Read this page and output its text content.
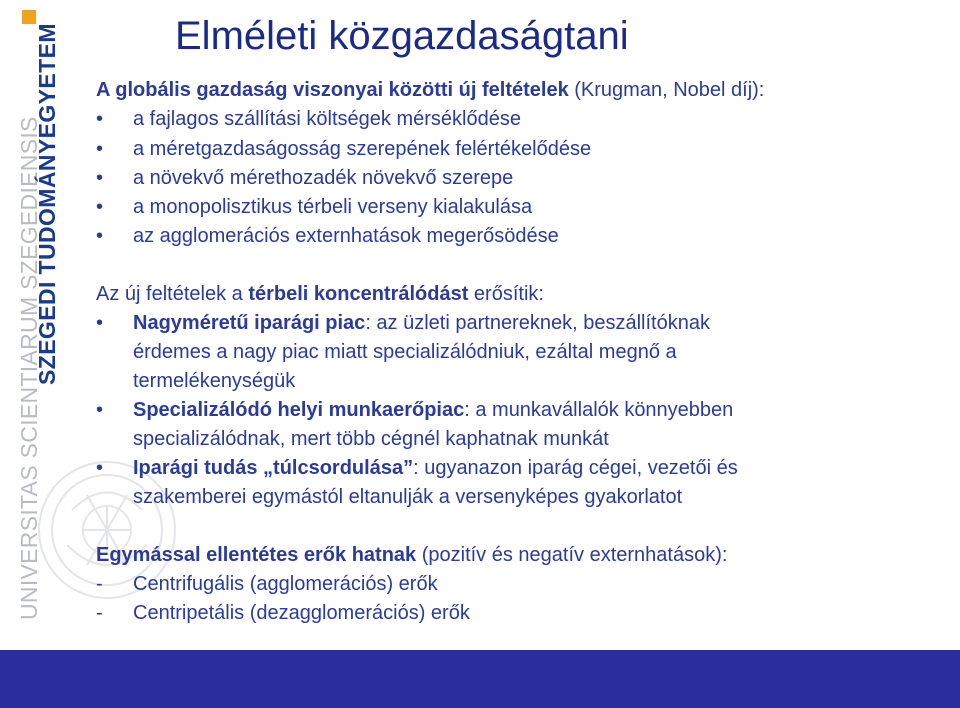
UNIVERSITAS SCIENTIARUM SZEGEDIENSIS
SZEGEDI TUDOMÁNYEGYETEM	Elméleti közgazdaságtani
A globális gazdaság viszonyai közötti új feltételek (Krugman, Nobel díj):
• a fajlagos szállítási költségek mérséklődése
• a méretgazdaságosság szerepének felértékelődése
• a növekvő mérethozadék növekvő szerepe
• a monopolisztikus térbeli verseny kialakulása
• az agglomerációs externhatások megerősödése
Az új feltételek a térbeli koncentrálódást erősítik:
• Nagyméretű iparági piac: az üzleti partnereknek, beszállítóknak
érdemes a nagy piac miatt specializálódniuk, ezáltal megnő a
termelékenységük
• Specializálódó helyi munkaerőpiac: a munkavállalók könnyebben
specializálódnak, mert több cégnél kaphatnak munkát
• Iparági tudás „túlcsordulása”: ugyanazon iparág cégei, vezetői és
szakemberei egymástól eltanulják a versenyképes gyakorlatot
Egymással ellentétes erők hatnak (pozitív és negatív externhatások):
- Centrifugális (agglomerációs) erők
- Centripetális (dezagglomerációs) erők
